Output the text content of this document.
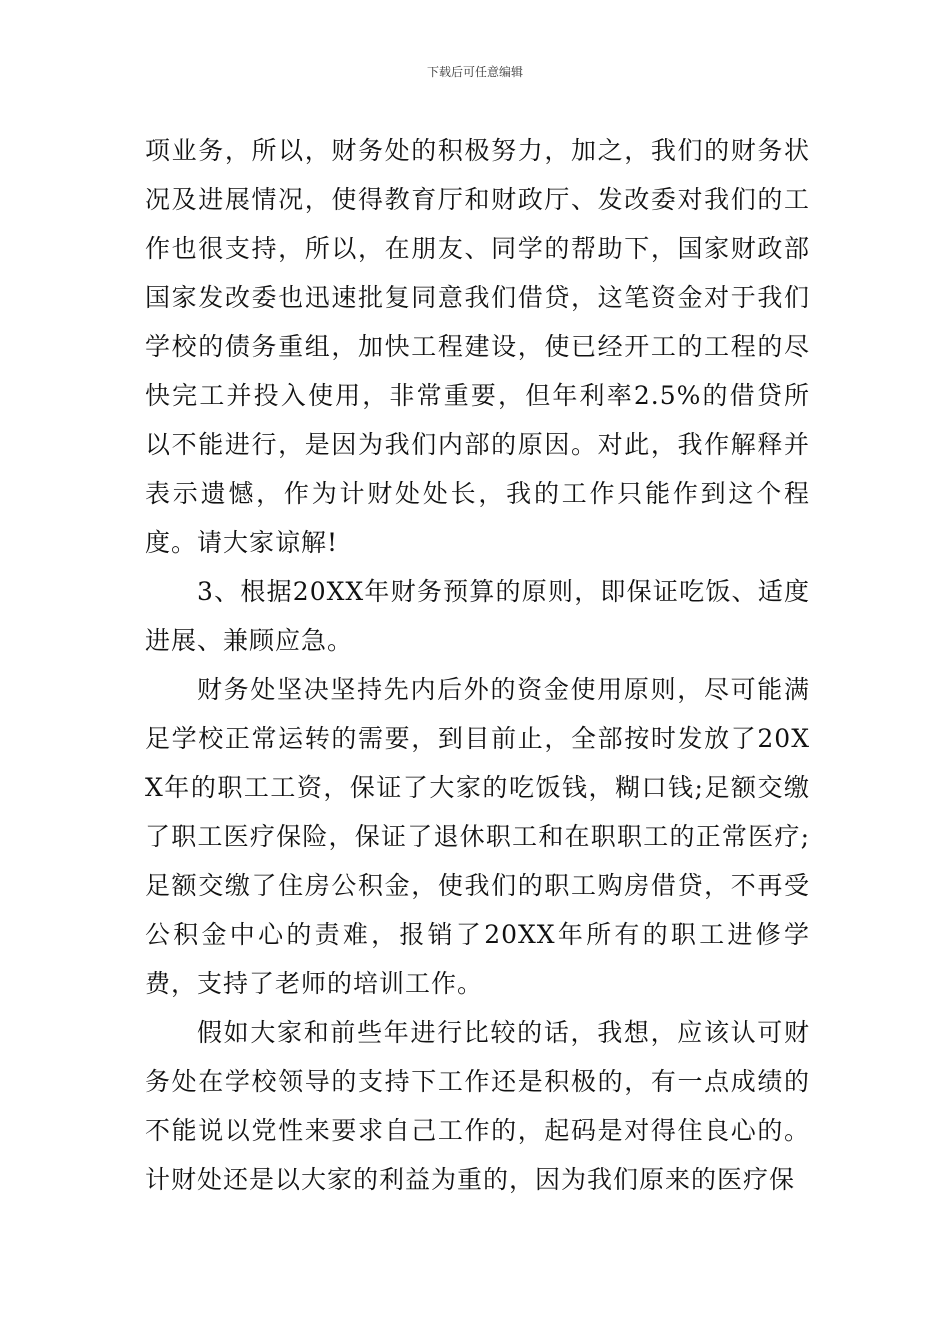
下载后可任意编辑

项业务，所以，财务处的积极努力，加之，我们的财务状况及进展情况，使得教育厅和财政厅、发改委对我们的工作也很支持，所以，在朋友、同学的帮助下，国家财政部国家发改委也迅速批复同意我们借贷，这笔资金对于我们学校的债务重组，加快工程建设，使已经开工的工程的尽快完工并投入使用，非常重要，但年利率2.5%的借贷所以不能进行，是因为我们内部的原因。对此，我作解释并表示遗憾，作为计财处处长，我的工作只能作到这个程度。请大家谅解!

3、根据20XX年财务预算的原则，即保证吃饭、适度进展、兼顾应急。

财务处坚决坚持先内后外的资金使用原则，尽可能满足学校正常运转的需要，到目前止，全部按时发放了20XX年的职工工资，保证了大家的吃饭钱，糊口钱;足额交缴了职工医疗保险，保证了退休职工和在职职工的正常医疗;足额交缴了住房公积金，使我们的职工购房借贷，不再受公积金中心的责难，报销了20XX年所有的职工进修学费，支持了老师的培训工作。

假如大家和前些年进行比较的话，我想，应该认可财务处在学校领导的支持下工作还是积极的，有一点成绩的不能说以党性来要求自己工作的，起码是对得住良心的。计财处还是以大家的利益为重的，因为我们原来的医疗保
